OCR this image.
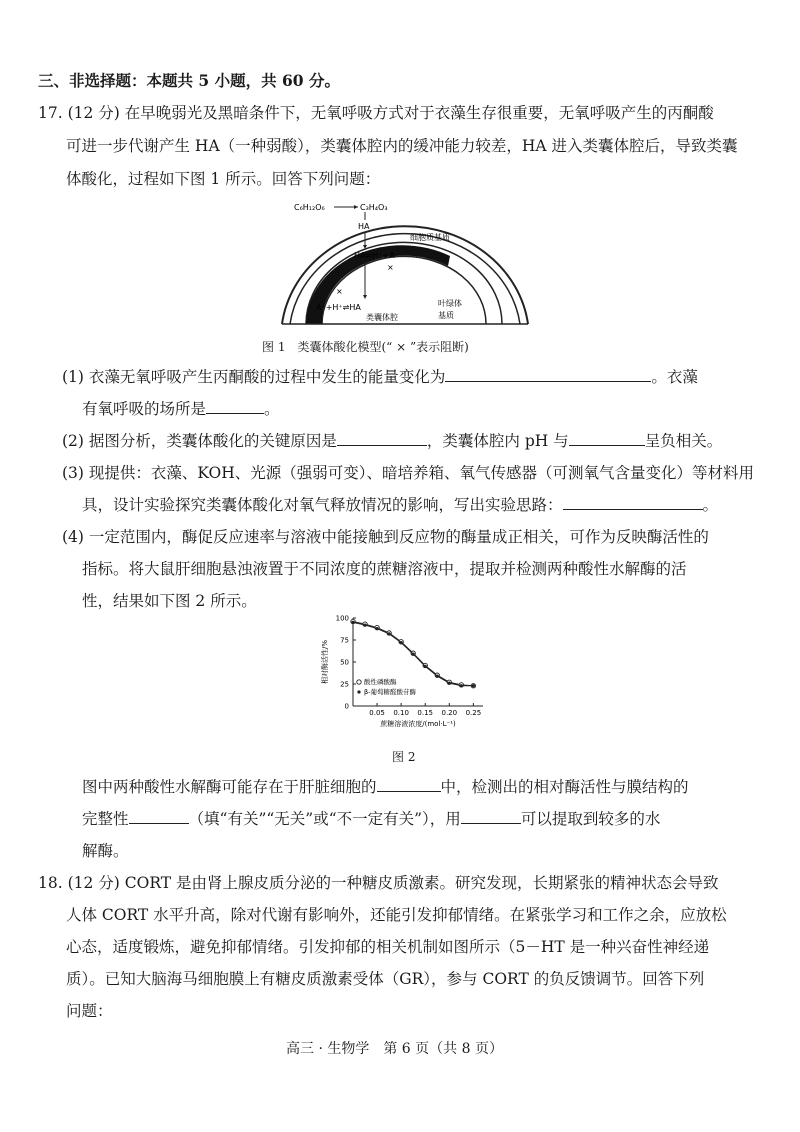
三、非选择题：本题共 5 小题，共 60 分。
17. (12 分) 在早晚弱光及黑暗条件下，无氧呼吸方式对于衣藻生存很重要，无氧呼吸产生的丙酮酸
可进一步代谢产生 HA（一种弱酸），类囊体腔内的缓冲能力较差，HA 进入类囊体腔后，导致类囊
体酸化，过程如下图 1 所示。回答下列问题：
C₆H₁₂O₆	C₃H₄O₃
HA
细胞质基质
HA⇌H⁺+A⁻
×
×
A⁻+H⁺⇌HA
类囊体腔
叶绿体
基质
图 1　类囊体酸化模型(“ × ”表示阻断)
(1) 衣藻无氧呼吸产生丙酮酸的过程中发生的能量变化为	。衣藻
有氧呼吸的场所是	。
(2) 据图分析，类囊体酸化的关键原因是	，类囊体腔内 pH 与	呈负相关。
(3) 现提供：衣藻、KOH、光源（强弱可变）、暗培养箱、氧气传感器（可测氧气含量变化）等材料用
具，设计实验探究类囊体酸化对氧气释放情况的影响，写出实验思路：	。
(4) 一定范围内，酶促反应速率与溶液中能接触到反应物的酶量成正相关，可作为反映酶活性的
指标。将大鼠肝细胞悬浊液置于不同浓度的蔗糖溶液中，提取并检测两种酸性水解酶的活
性，结果如下图 2 所示。
相对酶活性/%
蔗糖溶液浓度/(mol·L⁻¹)
0
25
50
75
100
0.05 0.10 0.15 0.20 0.25
酸性磷酸酶
β-葡萄糖醛酸苷酶
图 2
图中两种酸性水解酶可能存在于肝脏细胞的	中，检测出的相对酶活性与膜结构的
完整性	（填“有关”“无关”或“不一定有关”），用	可以提取到较多的水
解酶。
18. (12 分) CORT 是由肾上腺皮质分泌的一种糖皮质激素。研究发现，长期紧张的精神状态会导致
人体 CORT 水平升高，除对代谢有影响外，还能引发抑郁情绪。在紧张学习和工作之余，应放松
心态，适度锻炼，避免抑郁情绪。引发抑郁的相关机制如图所示（5－HT 是一种兴奋性神经递
质）。已知大脑海马细胞膜上有糖皮质激素受体（GR），参与 CORT 的负反馈调节。回答下列
问题：
高三 · 生物学　第 6 页（共 8 页）
